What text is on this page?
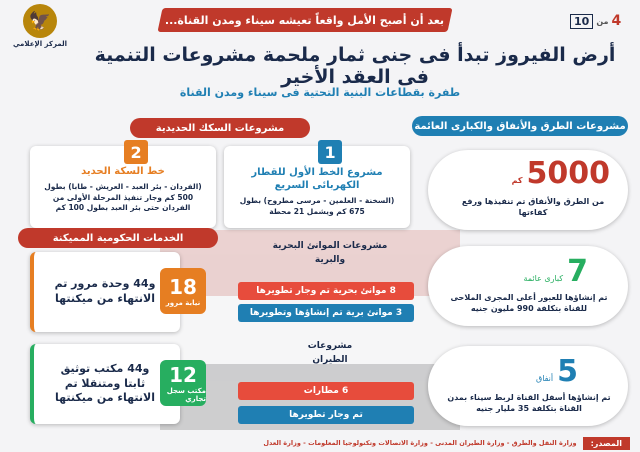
بعد أن أصبح الأمل واقعاً تعيشه سيناء ومدن القناة...	10 من 4
🦅
المركز الإعلامي أرض الفيروز تبدأ فى جنى ثمار ملحمة مشروعات التنمية فى العقد الأخير
طفرة بقطاعات البنية التحتية فى سيناء ومدن القناة
مشروعات الطرق والأنفاق والكبارى العائمة
5000
كم
من الطرق والأنفاق تم تنفيذها ورفع كفاءتها
7
كبارى عائمة
تم إنشاؤها للعبور أعلى المجرى الملاحى للقناة بتكلفة 990 مليون جنيه
5
أنفاق
تم إنشاؤها أسفل القناة لربط سيناء بمدن القناة بتكلفة 35 مليار جنيه
مشروعات السكك الحديدية
1
مشروع الخط الأول للقطار الكهربائى السريع
(السخنة - العلمين - مرسى مطروح) بطول 675 كم ويشمل 21 محطة
2
خط السكة الحديد
(الفردان - بئر العبد - العريش - طابا) بطول 500 كم وجار تنفيذ المرحلة الأولى من الفردان حتى بئر العبد بطول 100 كم
مشروعات الموانئ البحرية والبرية
8 موانئ بحرية تم وجار تطويرها
3 موانئ برية تم إنشاؤها وتطويرها
مشروعات الطيران
6 مطارات
تم وجار تطويرها
الخدمات الحكومية المميكنة
و44 وحدة مرور تم الانتهاء من ميكنتها 18
نيابة مرور
و44 مكتب توثيق ثابتا ومتنقلا تم الانتهاء من ميكنتها
12
مكتب سجل تجاري
المصدر:
وزارة النقل والطرق - وزارة الطيران المدنى - وزارة الاتصالات وتكنولوجيا المعلومات - وزارة العدل
